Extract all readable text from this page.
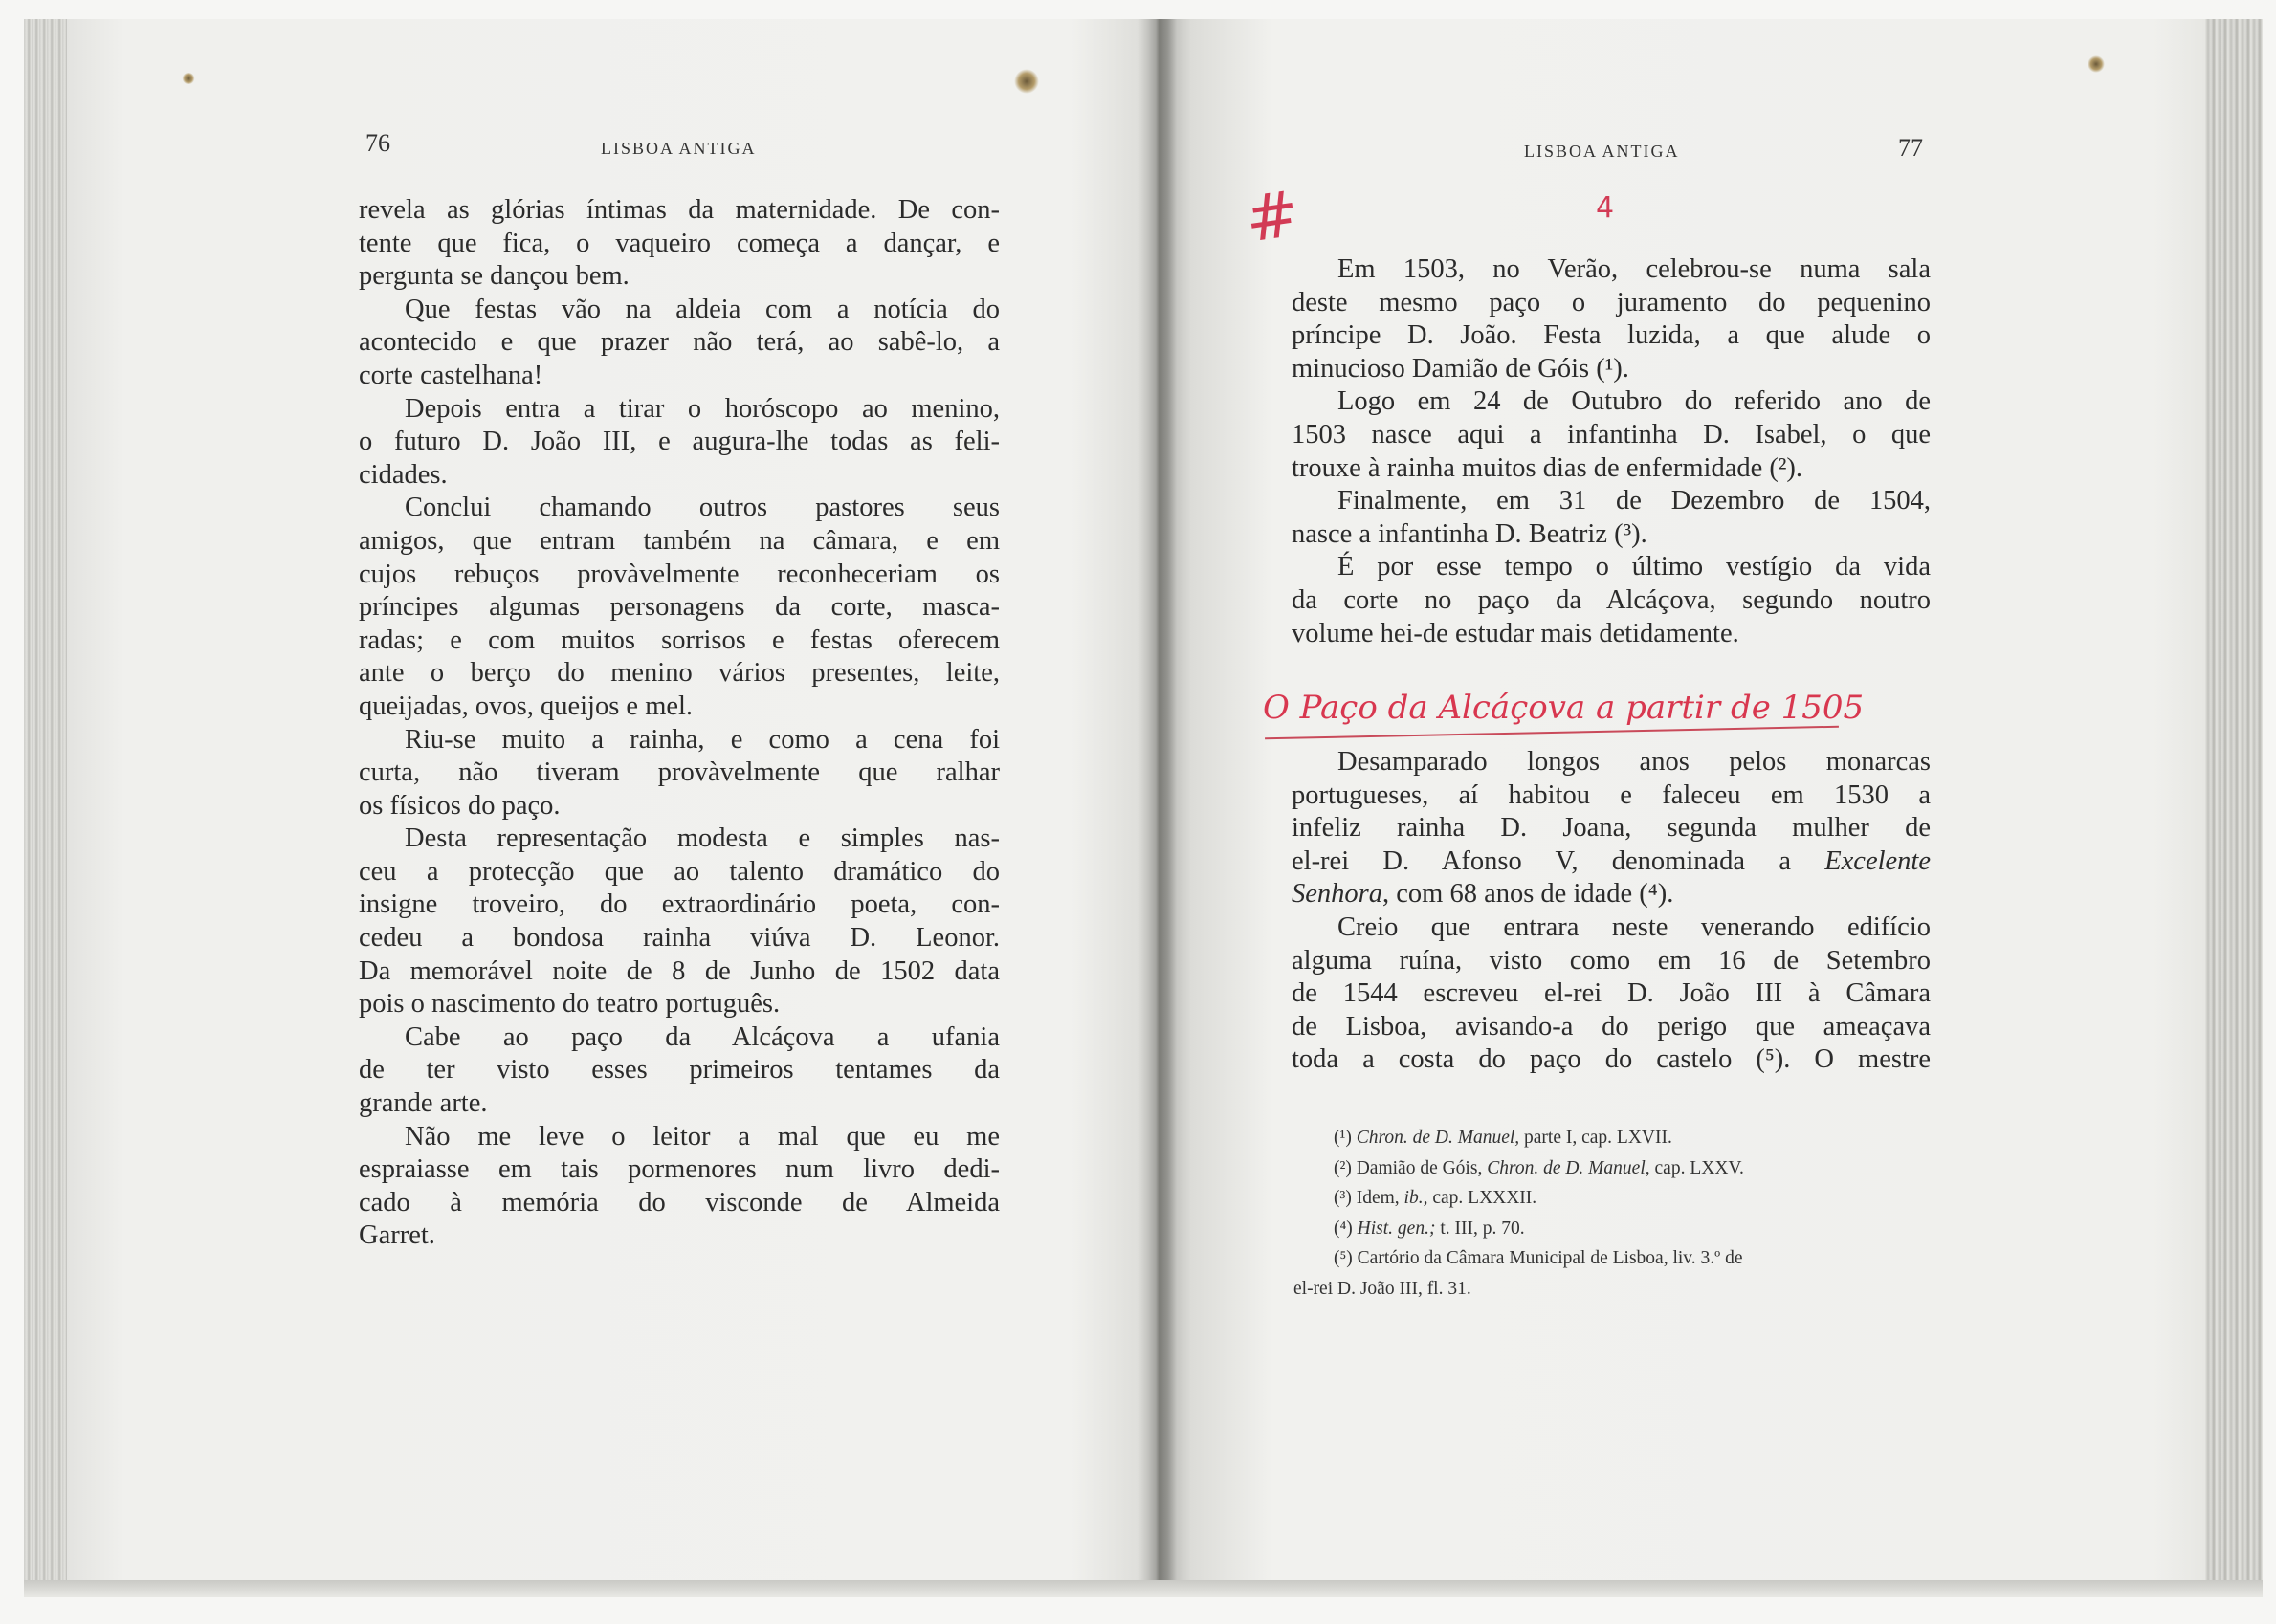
76	LISBOA ANTIGA

revela as glórias íntimas da maternidade. De con-
tente que fica, o vaqueiro começa a dançar, e
pergunta se dançou bem.

Que festas vão na aldeia com a notícia do
acontecido e que prazer não terá, ao sabê-lo, a
corte castelhana!

Depois entra a tirar o horóscopo ao menino,
o futuro D. João III, e augura-lhe todas as feli-
cidades.

Conclui chamando outros pastores seus
amigos, que entram também na câmara, e em
cujos rebuços provàvelmente reconheceriam os
príncipes algumas personagens da corte, masca-
radas; e com muitos sorrisos e festas oferecem
ante o berço do menino vários presentes, leite,
queijadas, ovos, queijos e mel.

Riu-se muito a rainha, e como a cena foi
curta, não tiveram provàvelmente que ralhar
os físicos do paço.

Desta representação modesta e simples nas-
ceu a protecção que ao talento dramático do
insigne troveiro, do extraordinário poeta, con-
cedeu a bondosa rainha viúva D. Leonor.
Da memorável noite de 8 de Junho de 1502 data
pois o nascimento do teatro português.

Cabe ao paço da Alcáçova a ufania
de ter visto esses primeiros tentames da
grande arte.

Não me leve o leitor a mal que eu me
espraiasse em tais pormenores num livro dedi-
cado à memória do visconde de Almeida
Garret.

LISBOA ANTIGA	77
#	4

Em 1503, no Verão, celebrou-se numa sala
deste mesmo paço o juramento do pequenino
príncipe D. João. Festa luzida, a que alude o
minucioso Damião de Góis (¹).

Logo em 24 de Outubro do referido ano de
1503 nasce aqui a infantinha D. Isabel, o que
trouxe à rainha muitos dias de enfermidade (²).

Finalmente, em 31 de Dezembro de 1504,
nasce a infantinha D. Beatriz (³).

É por esse tempo o último vestígio da vida
da corte no paço da Alcáçova, segundo noutro
volume hei-de estudar mais detidamente.

O Paço da Alcáçova a partir de 1505

Desamparado longos anos pelos monarcas
portugueses, aí habitou e faleceu em 1530 a
infeliz rainha D. Joana, segunda mulher de
el-rei D. Afonso V, denominada a Excelente
Senhora, com 68 anos de idade (⁴).

Creio que entrara neste venerando edifício
alguma ruína, visto como em 16 de Setembro
de 1544 escreveu el-rei D. João III à Câmara
de Lisboa, avisando-a do perigo que ameaçava
toda a costa do paço do castelo (⁵). O mestre

(¹) Chron. de D. Manuel, parte I, cap. LXVII.
(²) Damião de Góis, Chron. de D. Manuel, cap. LXXV.
(³) Idem, ib., cap. LXXXII.
(⁴) Hist. gen.; t. III, p. 70.
(⁵) Cartório da Câmara Municipal de Lisboa, liv. 3.º de
el-rei D. João III, fl. 31.
